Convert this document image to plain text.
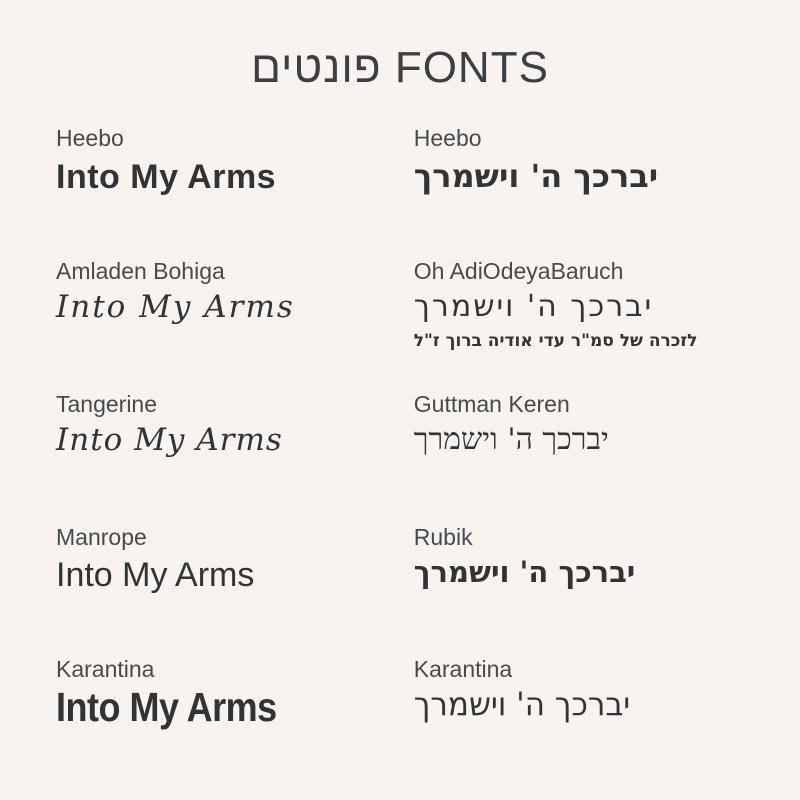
פונטים FONTS
Heebo
Into My Arms
Heebo
יברכך ה' וישמרך
Amladen Bohiga
Into My Arms
Oh AdiOdeyaBaruch
יברכך ה' וישמרך
לזכרה של סמ"ר עדי אודיה ברוך ז"ל
Tangerine
Into My Arms
Guttman Keren
יברכך ה' וישמרך
Manrope
Into My Arms
Rubik
יברכך ה' וישמרך
Karantina
Into My Arms
Karantina
יברכך ה' וישמרך
